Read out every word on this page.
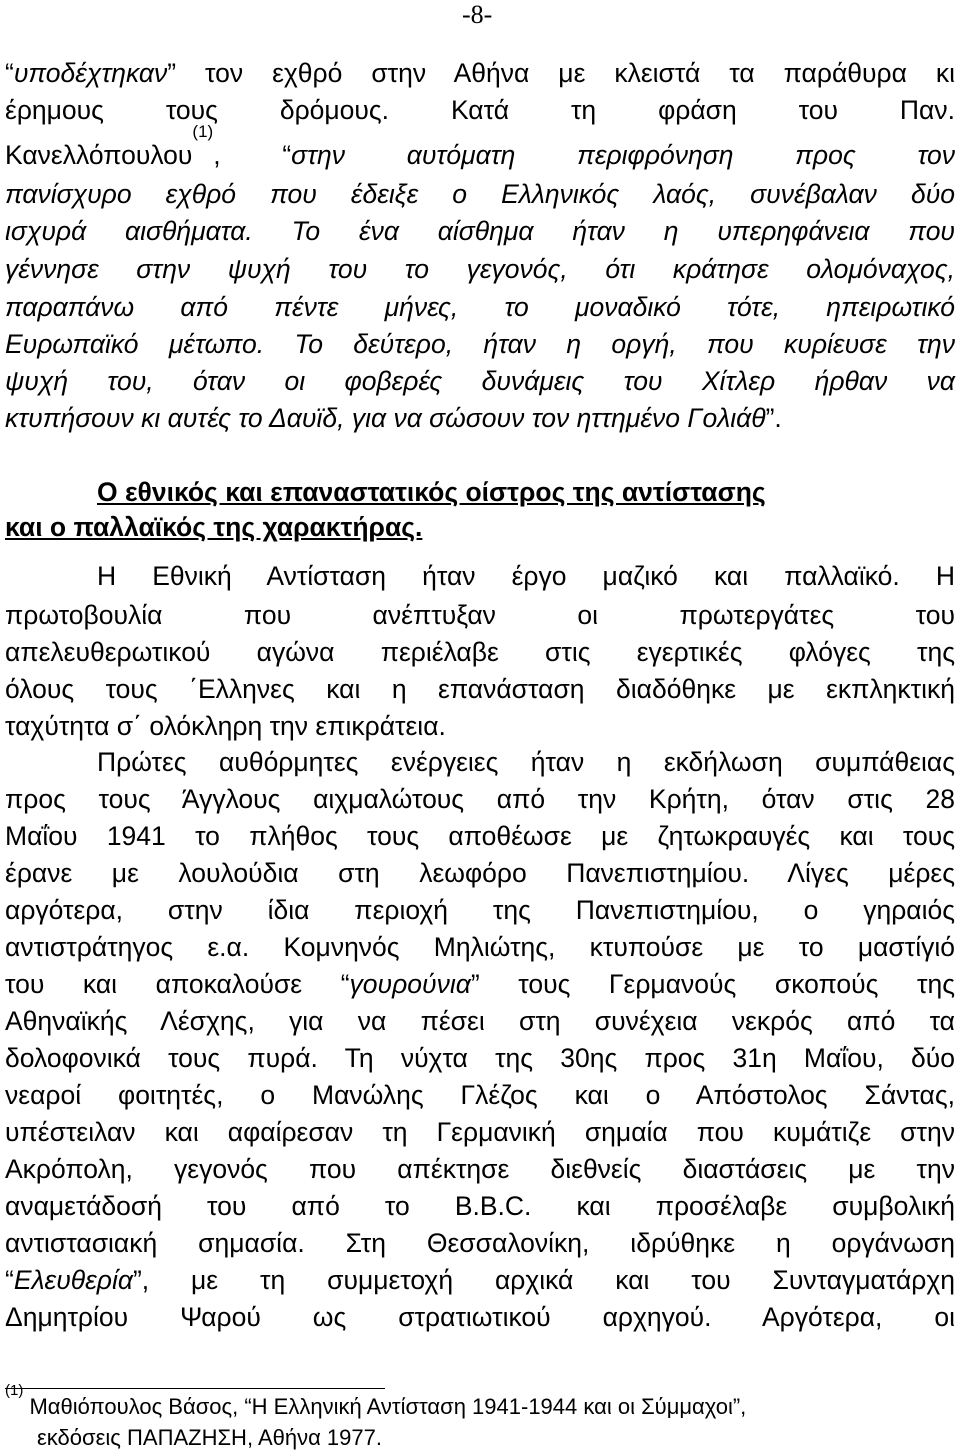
-8-
“υποδέχτηκαν” τον εχθρό στην Αθήνα με κλειστά τα παράθυρα κι
έρημους τους δρόμους. Κατά τη φράση του Παν.
Κανελλόπουλου$^{(1)}$, “στην αυτόματη περιφρόνηση προς τον
πανίσχυρο εχθρό που έδειξε ο Ελληνικός λαός, συνέβαλαν δύο
ισχυρά αισθήματα. Το ένα αίσθημα ήταν η υπερηφάνεια που
γέννησε στην ψυχή του το γεγονός, ότι κράτησε ολομόναχος,
παραπάνω από πέντε μήνες, το μοναδικό τότε, ηπειρωτικό
Ευρωπαϊκό μέτωπο. Το δεύτερο, ήταν η οργή, που κυρίευσε την
ψυχή του, όταν οι φοβερές δυνάμεις του Χίτλερ ήρθαν να
κτυπήσουν κι αυτές το Δαυϊδ, για να σώσουν τον ηττημένο Γολιάθ”.
Ο εθνικός και επαναστατικός οίστρος της αντίστασης
και ο παλλαϊκός της χαρακτήρας.
Η Εθνική Αντίσταση ήταν έργο μαζικό και παλλαϊκό. Η
πρωτοβουλία που ανέπτυξαν οι πρωτεργάτες του
απελευθερωτικού αγώνα περιέλαβε στις εγερτικές φλόγες της
όλους τους ΄Ελληνες και η επανάσταση διαδόθηκε με εκπληκτική
ταχύτητα σ΄ ολόκληρη την επικράτεια.
Πρώτες αυθόρμητες ενέργειες ήταν η εκδήλωση συμπάθειας
προς τους Άγγλους αιχμαλώτους από την Κρήτη, όταν στις 28
Μαΐου 1941 το πλήθος τους αποθέωσε με ζητωκραυγές και τους
έρανε με λουλούδια στη λεωφόρο Πανεπιστημίου. Λίγες μέρες
αργότερα, στην ίδια περιοχή της Πανεπιστημίου, ο γηραιός
αντιστράτηγος ε.α. Κομνηνός Μηλιώτης, κτυπούσε με το μαστίγιό
του και αποκαλούσε “γουρούνια” τους Γερμανούς σκοπούς της
Αθηναϊκής Λέσχης, για να πέσει στη συνέχεια νεκρός από τα
δολοφονικά τους πυρά. Τη νύχτα της 30ης προς 31η Μαΐου, δύο
νεαροί φοιτητές, ο Μανώλης Γλέζος και ο Απόστολος Σάντας,
υπέστειλαν και αφαίρεσαν τη Γερμανική σημαία που κυμάτιζε στην
Ακρόπολη, γεγονός που απέκτησε διεθνείς διαστάσεις με την
αναμετάδοσή του από το B.B.C. και προσέλαβε συμβολική
αντιστασιακή σημασία. Στη Θεσσαλονίκη, ιδρύθηκε η οργάνωση
“Ελευθερία”, με τη συμμετοχή αρχικά και του Συνταγματάρχη
Δημητρίου Ψαρού ως στρατιωτικού αρχηγού. Αργότερα, οι
$^{(1)}$ Μαθιόπουλος Βάσος, “Η Ελληνική Αντίσταση 1941-1944 και οι Σύμμαχοι”,
εκδόσεις ΠΑΠΑΖΗΣΗ, Αθήνα 1977.
